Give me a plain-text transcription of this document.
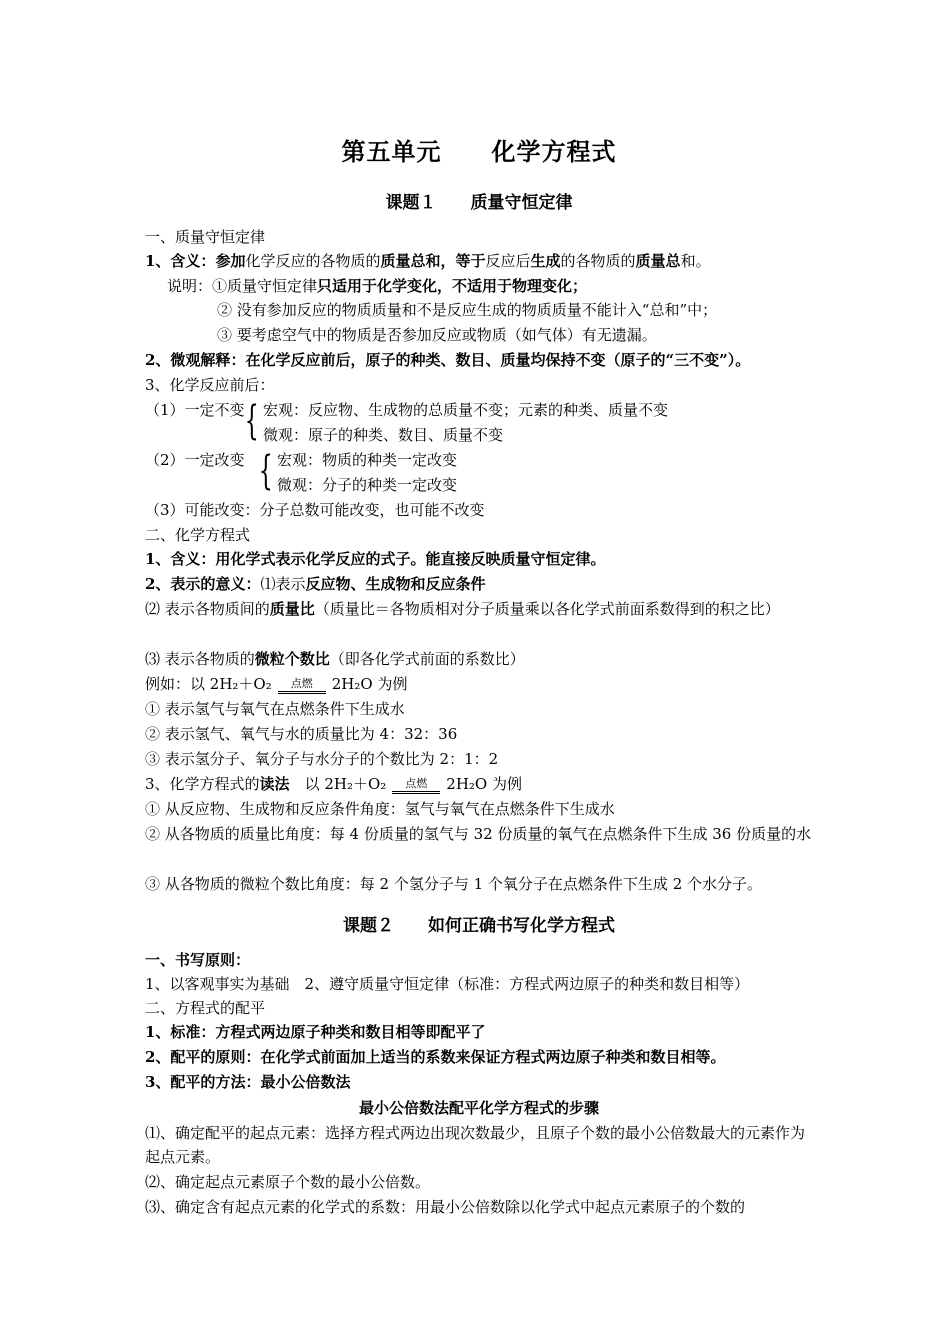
第五单元　　化学方程式
课题１　　质量守恒定律
一、质量守恒定律
1、含义：参加化学反应的各物质的质量总和，等于反应后生成的各物质的质量总和。
说明：①质量守恒定律只适用于化学变化，不适用于物理变化；
② 没有参加反应的物质质量和不是反应生成的物质质量不能计入“总和”中；
③ 要考虑空气中的物质是否参加反应或物质（如气体）有无遗漏。
2、微观解释：在化学反应前后，原子的种类、数目、质量均保持不变（原子的“三不变”）。
3、化学反应前后：
（1）一定不变 { 宏观：反应物、生成物的总质量不变；元素的种类、质量不变
微观：原子的种类、数目、质量不变
（2）一定改变 { 宏观：物质的种类一定改变
微观：分子的种类一定改变
（3）可能改变：分子总数可能改变，也可能不改变
二、化学方程式
1、含义：用化学式表示化学反应的式子。能直接反映质量守恒定律。
2、表示的意义：⑴表示反应物、生成物和反应条件
⑵ 表示各物质间的质量比（质量比＝各物质相对分子质量乘以各化学式前面系数得到的积之比）
⑶ 表示各物质的微粒个数比（即各化学式前面的系数比）
例如：以 2H₂＋O₂ 点燃 2H₂O 为例
① 表示氢气与氧气在点燃条件下生成水
② 表示氢气、氧气与水的质量比为 4：32：36
③ 表示氢分子、氧分子与水分子的个数比为 2：1：2
3、化学方程式的读法　以 2H₂＋O₂ 点燃 2H₂O 为例
① 从反应物、生成物和反应条件角度：氢气与氧气在点燃条件下生成水
② 从各物质的质量比角度：每 4 份质量的氢气与 32 份质量的氧气在点燃条件下生成 36 份质量的水
③ 从各物质的微粒个数比角度：每 2 个氢分子与 1 个氧分子在点燃条件下生成 2 个水分子。
课题２　　如何正确书写化学方程式
一、书写原则：
1、以客观事实为基础　2、遵守质量守恒定律（标准：方程式两边原子的种类和数目相等）
二、方程式的配平
1、标准：方程式两边原子种类和数目相等即配平了
2、配平的原则：在化学式前面加上适当的系数来保证方程式两边原子种类和数目相等。
3、配平的方法：最小公倍数法
最小公倍数法配平化学方程式的步骤
⑴、确定配平的起点元素：选择方程式两边出现次数最少，且原子个数的最小公倍数最大的元素作为起点元素。
⑵、确定起点元素原子个数的最小公倍数。
⑶、确定含有起点元素的化学式的系数：用最小公倍数除以化学式中起点元素原子的个数的
